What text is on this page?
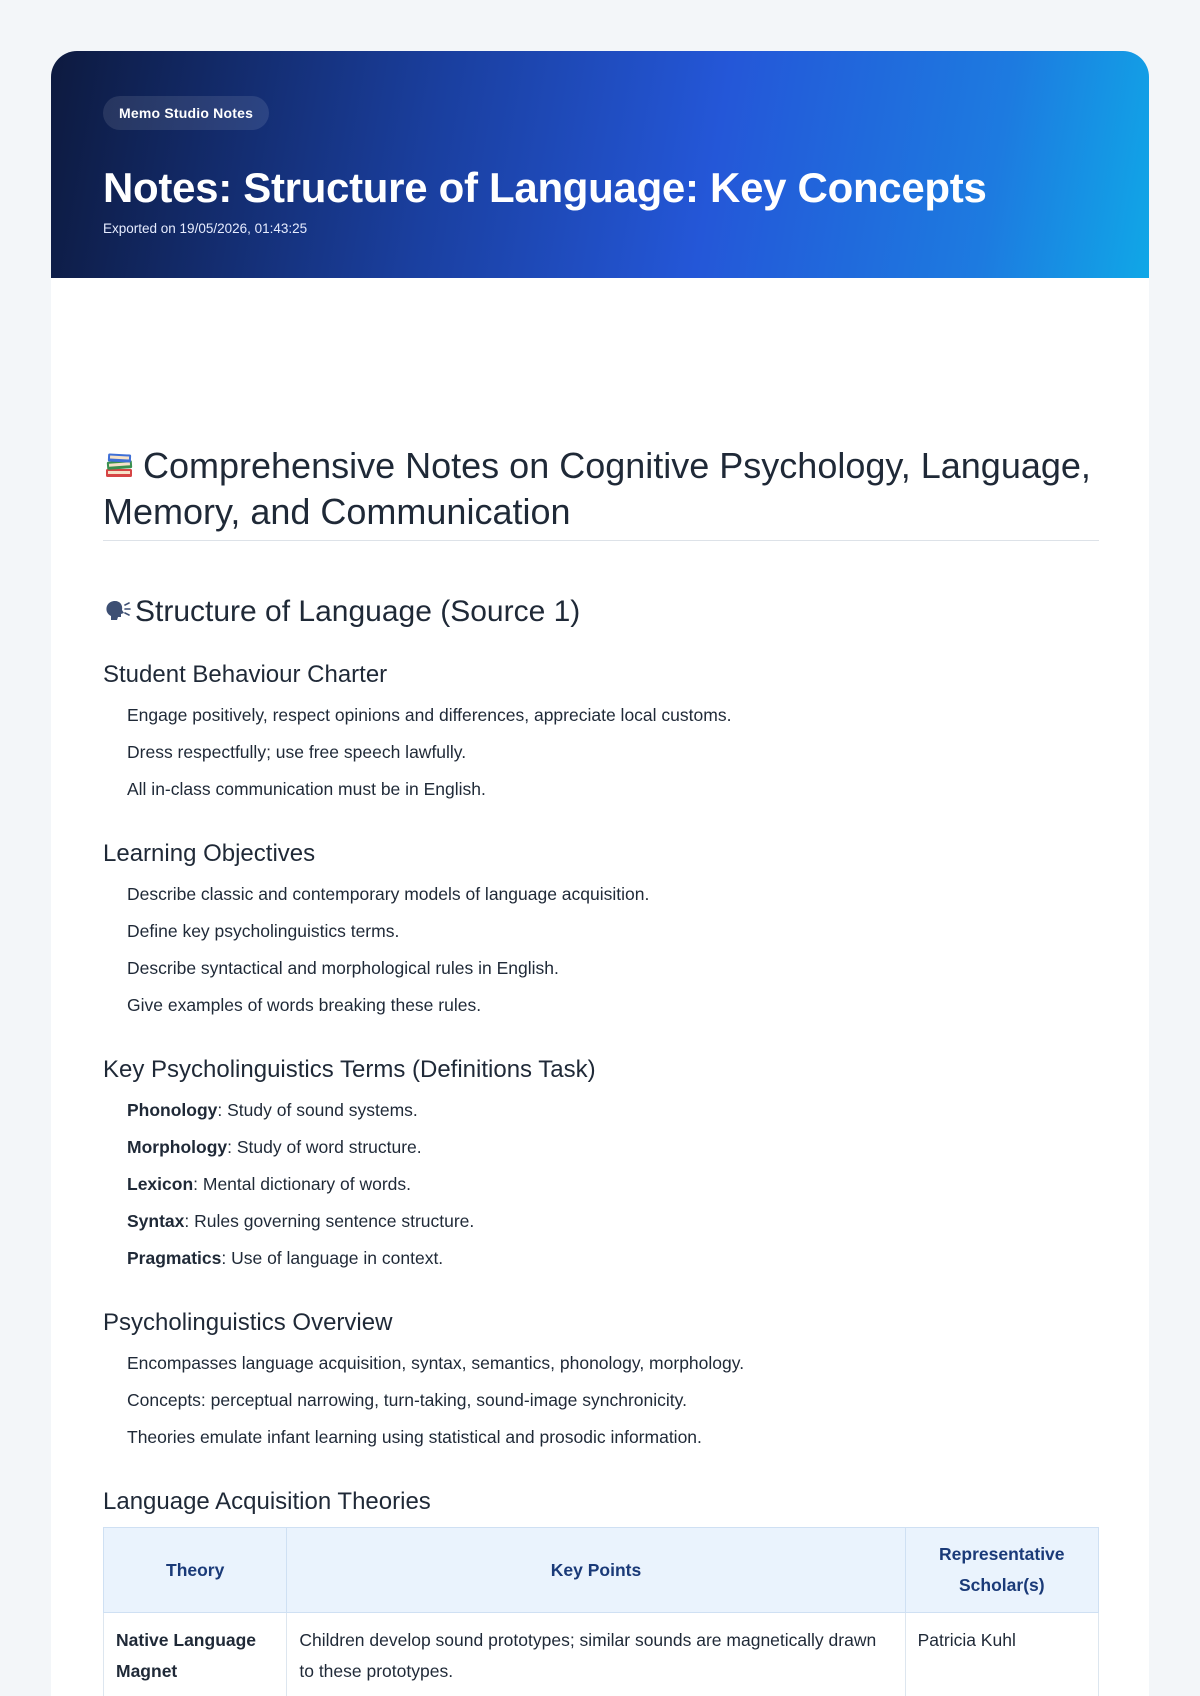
Memo Studio Notes
Notes: Structure of Language: Key Concepts
Exported on 19/05/2026, 01:43:25
Comprehensive Notes on Cognitive Psychology, Language, Memory, and Communication
Structure of Language (Source 1)
Student Behaviour Charter
Engage positively, respect opinions and differences, appreciate local customs.
Dress respectfully; use free speech lawfully.
All in-class communication must be in English.
Learning Objectives
Describe classic and contemporary models of language acquisition.
Define key psycholinguistics terms.
Describe syntactical and morphological rules in English.
Give examples of words breaking these rules.
Key Psycholinguistics Terms (Definitions Task)
Phonology: Study of sound systems.
Morphology: Study of word structure.
Lexicon: Mental dictionary of words.
Syntax: Rules governing sentence structure.
Pragmatics: Use of language in context.
Psycholinguistics Overview
Encompasses language acquisition, syntax, semantics, phonology, morphology.
Concepts: perceptual narrowing, turn-taking, sound-image synchronicity.
Theories emulate infant learning using statistical and prosodic information.
Language Acquisition Theories
Theory	Key Points	Representative Scholar(s)
Native Language Magnet	Children develop sound prototypes; similar sounds are magnetically drawn to these prototypes.	Patricia Kuhl
